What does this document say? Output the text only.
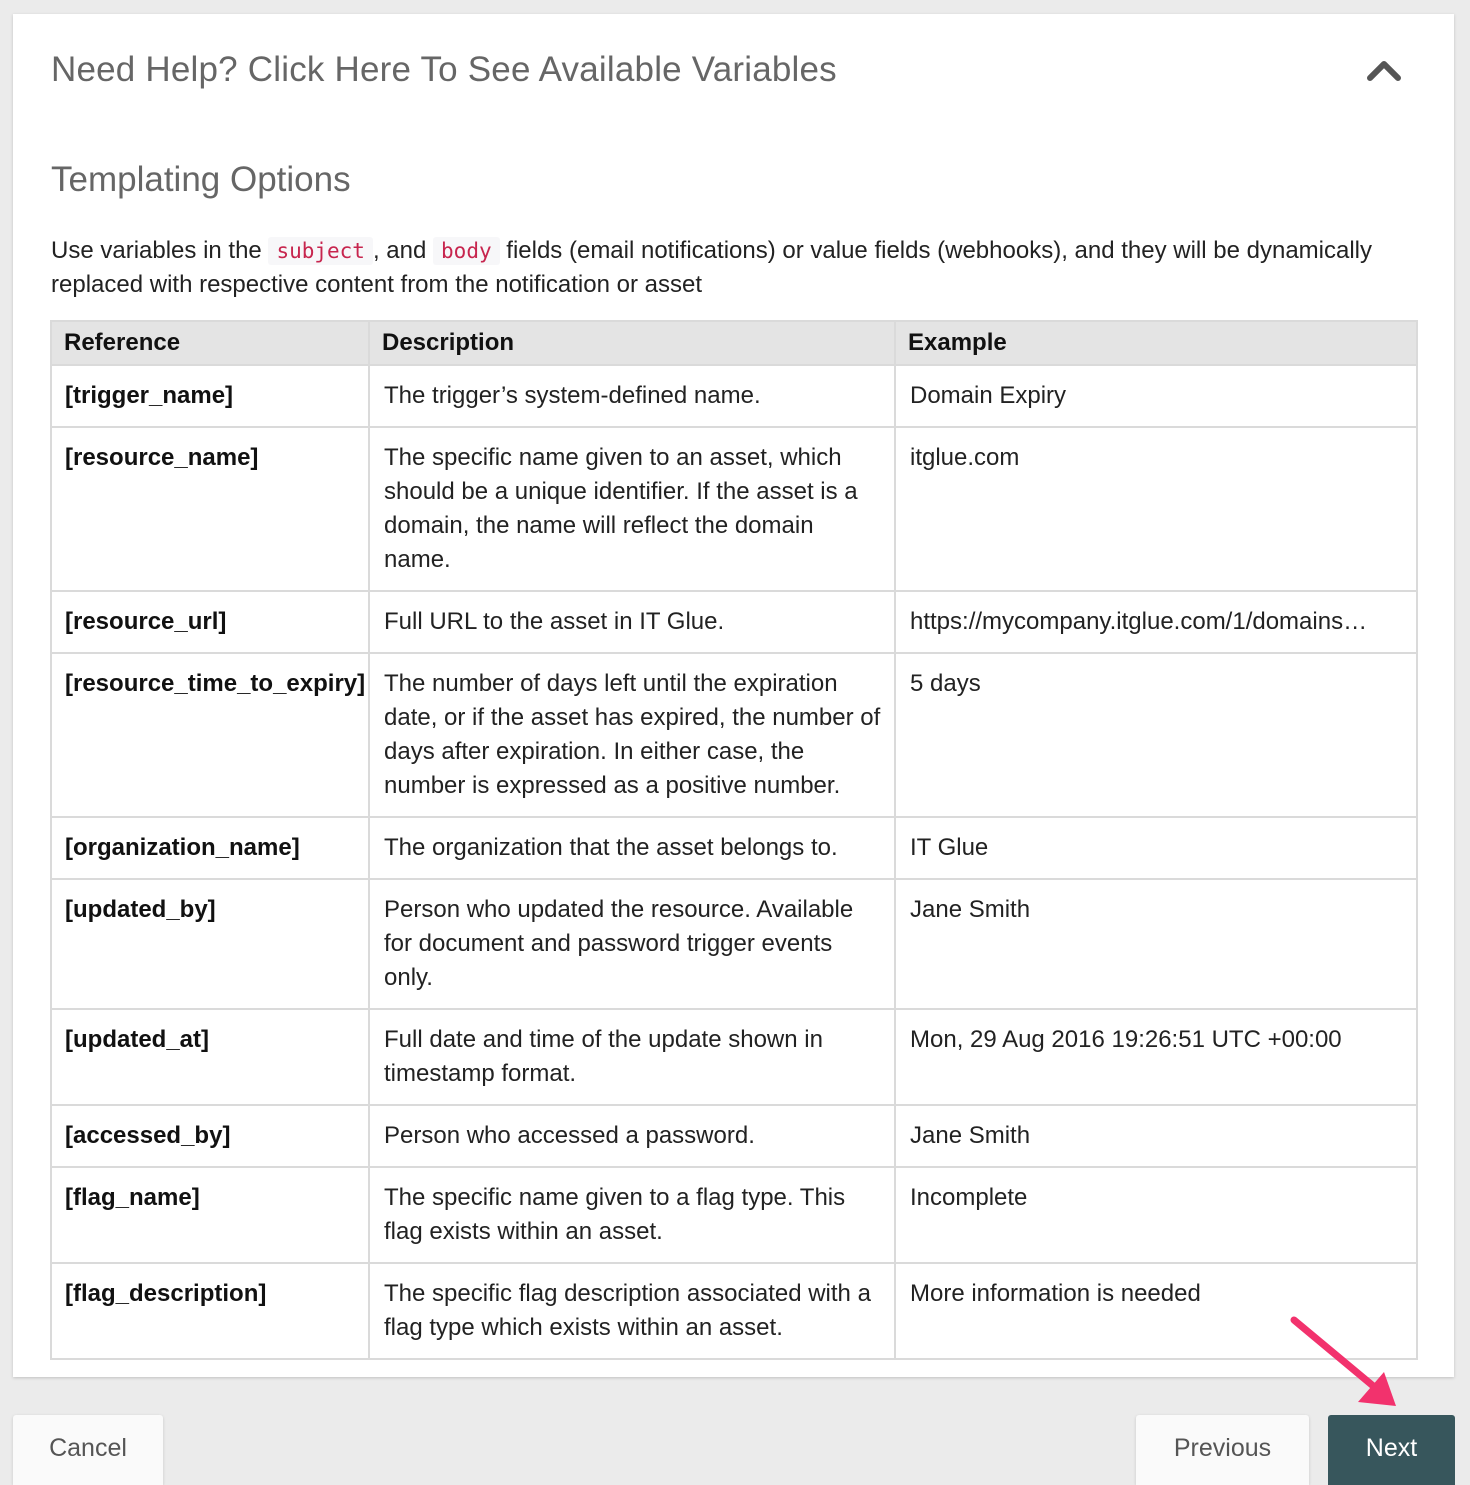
Need Help? Click Here To See Available Variables
Templating Options
Use variables in the subject , and body fields (email notifications) or value fields (webhooks), and they will be dynamically replaced with respective content from the notification or asset
Reference	Description	Example
[trigger_name]	The trigger’s system-defined name.	Domain Expiry
[resource_name]	The specific name given to an asset, which should be a unique identifier. If the asset is a domain, the name will reflect the domain name.	itglue.com
[resource_url]	Full URL to the asset in IT Glue.	https://mycompany.itglue.com/1/domains…
[resource_time_to_expiry]	The number of days left until the expiration date, or if the asset has expired, the number of days after expiration. In either case, the number is expressed as a positive number.	5 days
[organization_name]	The organization that the asset belongs to.	IT Glue
[updated_by]	Person who updated the resource. Available for document and password trigger events only.	Jane Smith
[updated_at]	Full date and time of the update shown in timestamp format.	Mon, 29 Aug 2016 19:26:51 UTC +00:00
[accessed_by]	Person who accessed a password.	Jane Smith
[flag_name]	The specific name given to a flag type. This flag exists within an asset.	Incomplete
[flag_description]	The specific flag description associated with a flag type which exists within an asset.	More information is needed
Cancel	Previous	Next
